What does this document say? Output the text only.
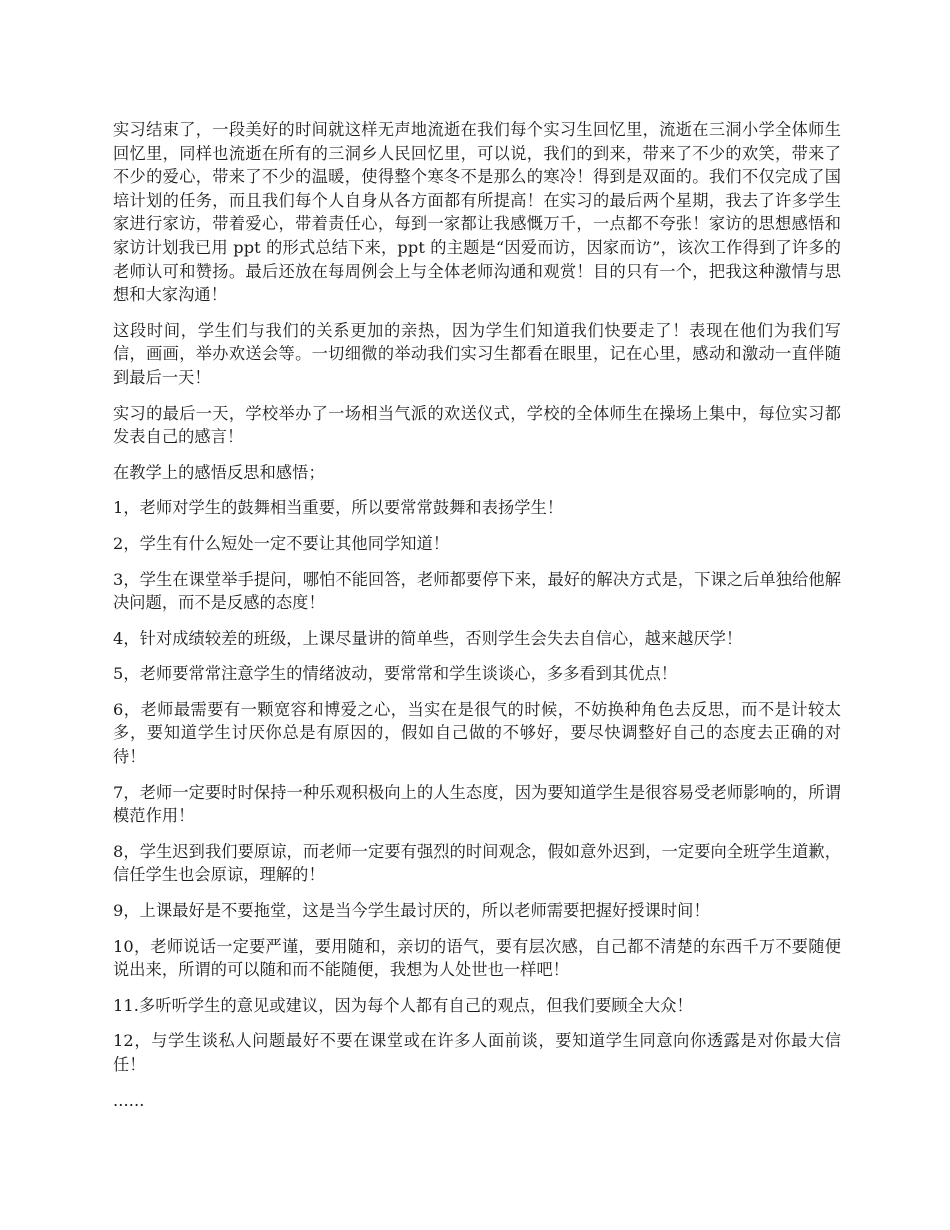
实习结束了，一段美好的时间就这样无声地流逝在我们每个实习生回忆里，流逝在三洞小学全体师生回忆里，同样也流逝在所有的三洞乡人民回忆里，可以说，我们的到来，带来了不少的欢笑，带来了不少的爱心，带来了不少的温暖，使得整个寒冬不是那么的寒冷！得到是双面的。我们不仅完成了国培计划的任务，而且我们每个人自身从各方面都有所提高！在实习的最后两个星期，我去了许多学生家进行家访，带着爱心，带着责任心，每到一家都让我感慨万千，一点都不夸张！家访的思想感悟和家访计划我已用 ppt 的形式总结下来，ppt 的主题是“因爱而访，因家而访”，该次工作得到了许多的老师认可和赞扬。最后还放在每周例会上与全体老师沟通和观赏！目的只有一个，把我这种激情与思想和大家沟通！

这段时间，学生们与我们的关系更加的亲热，因为学生们知道我们快要走了！表现在他们为我们写信，画画，举办欢送会等。一切细微的举动我们实习生都看在眼里，记在心里，感动和激动一直伴随到最后一天！

实习的最后一天，学校举办了一场相当气派的欢送仪式，学校的全体师生在操场上集中，每位实习都发表自己的感言！

在教学上的感悟反思和感悟；

1，老师对学生的鼓舞相当重要，所以要常常鼓舞和表扬学生！

2，学生有什么短处一定不要让其他同学知道！

3，学生在课堂举手提问，哪怕不能回答，老师都要停下来，最好的解决方式是，下课之后单独给他解决问题，而不是反感的态度！

4，针对成绩较差的班级，上课尽量讲的简单些，否则学生会失去自信心，越来越厌学！

5，老师要常常注意学生的情绪波动，要常常和学生谈谈心，多多看到其优点！

6，老师最需要有一颗宽容和博爱之心，当实在是很气的时候，不妨换种角色去反思，而不是计较太多，要知道学生讨厌你总是有原因的，假如自己做的不够好，要尽快调整好自己的态度去正确的对待！

7，老师一定要时时保持一种乐观积极向上的人生态度，因为要知道学生是很容易受老师影响的，所谓模范作用！

8，学生迟到我们要原谅，而老师一定要有强烈的时间观念，假如意外迟到，一定要向全班学生道歉，信任学生也会原谅，理解的！

9，上课最好是不要拖堂，这是当今学生最讨厌的，所以老师需要把握好授课时间！

10，老师说话一定要严谨，要用随和，亲切的语气，要有层次感，自己都不清楚的东西千万不要随便说出来，所谓的可以随和而不能随便，我想为人处世也一样吧！

11.多听听学生的意见或建议，因为每个人都有自己的观点，但我们要顾全大众！

12，与学生谈私人问题最好不要在课堂或在许多人面前谈，要知道学生同意向你透露是对你最大信任！

......
